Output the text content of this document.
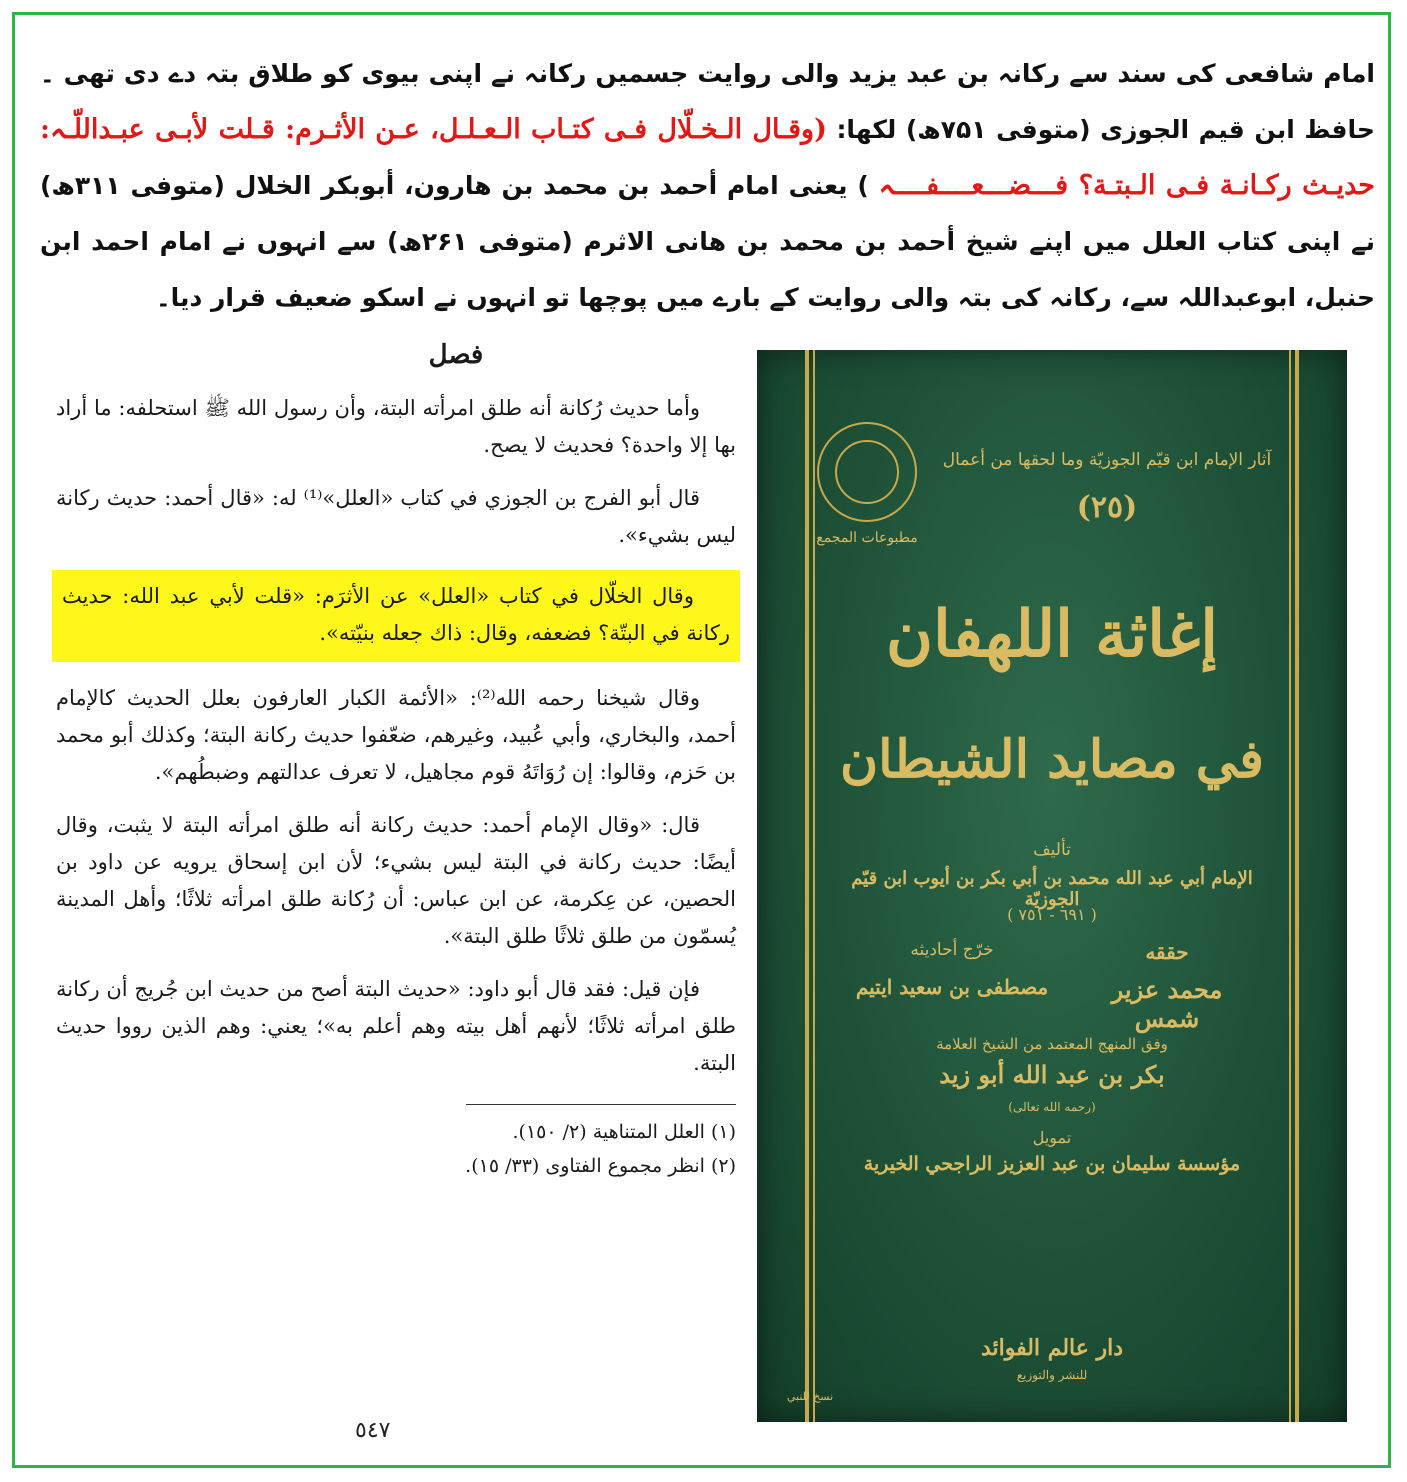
امام شافعی کی سند سے رکانہ بن عبد یزید والی روایت جسمیں رکانہ نے اپنی بیوی کو طلاق بتہ دے دی تھی ۔ حافظ ابن قیم الجوزی (متوفی ۷۵۱ھ) لکھا: (وقـال الـخـلّال فـی کتـاب الـعـلـل، عـن الأثـرم: قـلت لأبـی عبـداللّـہ: حدیـث رکـانـة فـی الـبتـة؟ فـــضـــعــــفــــہ ) یعنی امام أحمد بن محمد بن ھارون، أبوبکر الخلال (متوفی ۳۱۱ھ) نے اپنی کتاب العلل میں اپنے شیخ أحمد بن محمد بن ھانی الاثرم (متوفی ۲۶۱ھ) سے انہوں نے امام احمد ابن حنبل، ابوعبداللہ سے، رکانہ کی بتہ والی روایت کے بارے میں پوچھا تو انہوں نے اسکو ضعیف قرار دیا۔
فصل

وأما حديث رُكانة أنه طلق امرأته البتة، وأن رسول الله ﷺ استحلفه: ما أراد بها إلا واحدة؟ فحديث لا يصح.

قال أبو الفرج بن الجوزي في كتاب «العلل»⁽¹⁾ له: «قال أحمد: حديث ركانة ليس بشيء».

وقال الخلّال في كتاب «العلل» عن الأثرَم: «قلت لأبي عبد الله: حديث ركانة في البتّة؟ فضعفه، وقال: ذاك جعله بنيّته».

وقال شيخنا رحمه الله⁽²⁾: «الأئمة الكبار العارفون بعلل الحديث كالإمام أحمد، والبخاري، وأبي عُبيد، وغيرهم، ضعّفوا حديث ركانة البتة؛ وكذلك أبو محمد بن حَزم، وقالوا: إن رُوَاتَهُ قوم مجاهيل، لا تعرف عدالتهم وضبطُهم».

قال: «وقال الإمام أحمد: حديث ركانة أنه طلق امرأته البتة لا يثبت، وقال أيضًا: حديث ركانة في البتة ليس بشيء؛ لأن ابن إسحاق يرويه عن داود بن الحصين، عن عِكرمة، عن ابن عباس: أن رُكانة طلق امرأته ثلاثًا؛ وأهل المدينة يُسمّون من طلق ثلاثًا طلق البتة».

فإن قيل: فقد قال أبو داود: «حديث البتة أصح من حديث ابن جُريج أن ركانة طلق امرأته ثلاثًا؛ لأنهم أهل بيته وهم أعلم به»؛ يعني: وهم الذين رووا حديث البتة.

(١) العلل المتناهية (٢/ ١٥٠).

(٢) انظر مجموع الفتاوى (٣٣/ ١٥).

٥٤٧
مطبوعات المجمع
آثار الإمام ابن قيّم الجوزيّة وما لحقها من أعمال
(٢٥)
إغاثة اللهفان
في مصايد الشيطان
تأليف
الإمام أبي عبد الله محمد بن أبي بكر بن أيوب ابن قيّم الجوزيّة
( ٦٩١ - ٧٥١ )
حققه
محمد عزير شمس
خرّج أحاديثه
مصطفى بن سعيد ايتيم
وفق المنهج المعتمد من الشيخ العلامة
بكر بن عبد الله أبو زيد
(رحمه الله تعالى)
تمويل
مؤسسة سليمان بن عبد العزيز الراجحي الخيرية
دار عالم الفوائد
للنشر والتوزيع
نسخ للنبي
